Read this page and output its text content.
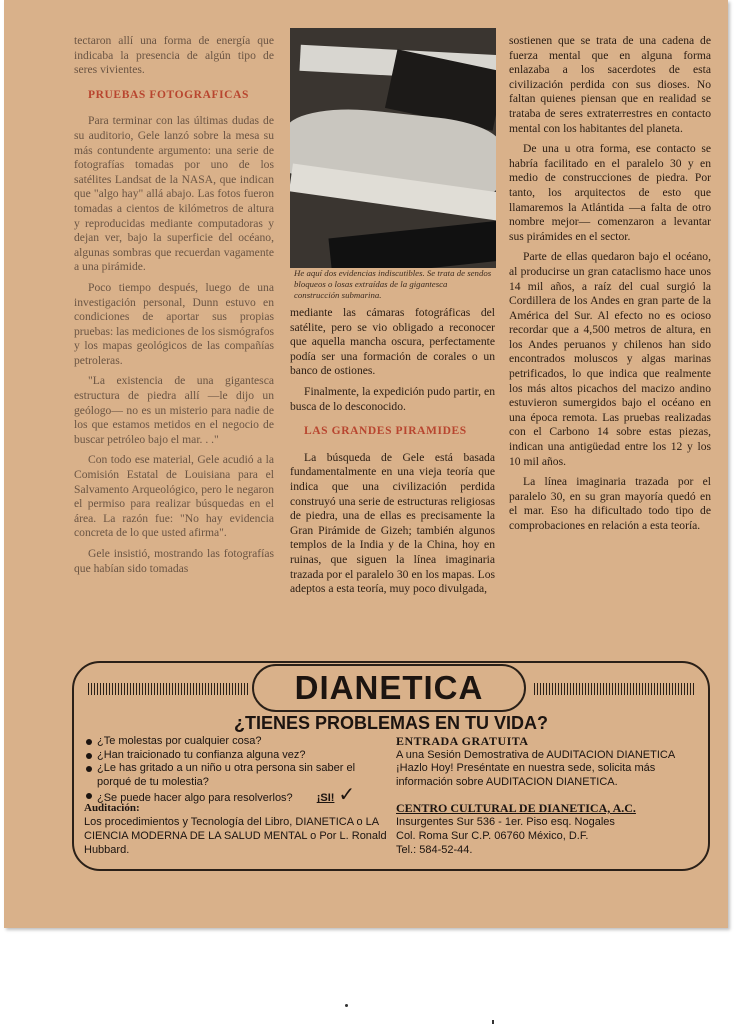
tectaron allí una forma de energía que indicaba la presencia de algún tipo de seres vivientes.

PRUEBAS FOTOGRAFICAS

Para terminar con las últimas dudas de su auditorio, Gele lanzó sobre la mesa su más contundente argumento: una serie de fotografías tomadas por uno de los satélites Landsat de la NASA, que indican que "algo hay" allá abajo. Las fotos fueron tomadas a cientos de kilómetros de altura y reproducidas mediante computadoras y dejan ver, bajo la superficie del océano, algunas sombras que recuerdan vagamente a una pirámide.

Poco tiempo después, luego de una investigación personal, Dunn estuvo en condiciones de aportar sus propias pruebas: las mediciones de los sismógrafos y los mapas geológicos de las compañías petroleras.

"La existencia de una gigantesca estructura de piedra allí —le dijo un geólogo— no es un misterio para nadie de los que estamos metidos en el negocio de buscar petróleo bajo el mar. . ."

Con todo ese material, Gele acudió a la Comisión Estatal de Louisiana para el Salvamento Arqueológico, pero le negaron el permiso para realizar búsquedas en el área. La razón fue: "No hay evidencia concreta de lo que usted afirma".

Gele insistió, mostrando las fotografías que habían sido tomadas

He aquí dos evidencias indiscutibles. Se trata de sendos bloqueos o losas extraídas de la gigantesca construcción submarina.

mediante las cámaras fotográficas del satélite, pero se vio obligado a reconocer que aquella mancha oscura, perfectamente podía ser una formación de corales o un banco de ostiones.

Finalmente, la expedición pudo partir, en busca de lo desconocido.

LAS GRANDES PIRAMIDES

La búsqueda de Gele está basada fundamentalmente en una vieja teoría que indica que una civilización perdida construyó una serie de estructuras religiosas de piedra, una de ellas es precisamente la Gran Pirámide de Gizeh; también algunos templos de la India y de la China, hoy en ruinas, que siguen la línea imaginaria trazada por el paralelo 30 en los mapas. Los adeptos a esta teoría, muy poco divulgada,

sostienen que se trata de una cadena de fuerza mental que en alguna forma enlazaba a los sacerdotes de esta civilización perdida con sus dioses. No faltan quienes piensan que en realidad se trataba de seres extraterrestres en contacto mental con los habitantes del planeta.

De una u otra forma, ese contacto se habría facilitado en el paralelo 30 y en medio de construcciones de piedra. Por tanto, los arquitectos de esto que llamaremos la Atlántida —a falta de otro nombre mejor— comenzaron a levantar sus pirámides en el sector.

Parte de ellas quedaron bajo el océano, al producirse un gran cataclismo hace unos 14 mil años, a raíz del cual surgió la Cordillera de los Andes en gran parte de la América del Sur. Al efecto no es ocioso recordar que a 4,500 metros de altura, en los Andes peruanos y chilenos han sido encontrados moluscos y algas marinas petrificados, lo que indica que realmente los más altos picachos del macizo andino estuvieron sumergidos bajo el océano en una época remota. Las pruebas realizadas con el Carbono 14 sobre estas piezas, indican una antigüedad entre los 12 y los 10 mil años.

La línea imaginaria trazada por el paralelo 30, en su gran mayoría quedó en el mar. Eso ha dificultado todo tipo de comprobaciones en relación a esta teoría.

DIANETICA
¿TIENES PROBLEMAS EN TU VIDA?
¿Te molestas por cualquier cosa?
¿Han traicionado tu confianza alguna vez?
¿Le has gritado a un niño u otra persona sin saber el porqué de tu molestia?
¿Se puede hacer algo para resolverlos? ¡SI! ✓
Auditación:
Los procedimientos y Tecnología del Libro, DIANETICA o LA CIENCIA MODERNA DE LA SALUD MENTAL o Por L. Ronald Hubbard.
ENTRADA GRATUITA
A una Sesión Demostrativa de AUDITACION DIANETICA ¡Hazlo Hoy! Preséntate en nuestra sede, solicita más información sobre AUDITACION DIANETICA.
CENTRO CULTURAL DE DIANETICA, A.C.
Insurgentes Sur 536 - 1er. Piso esq. Nogales
Col. Roma Sur C.P. 06760 México, D.F.
Tel.: 584-52-44.
